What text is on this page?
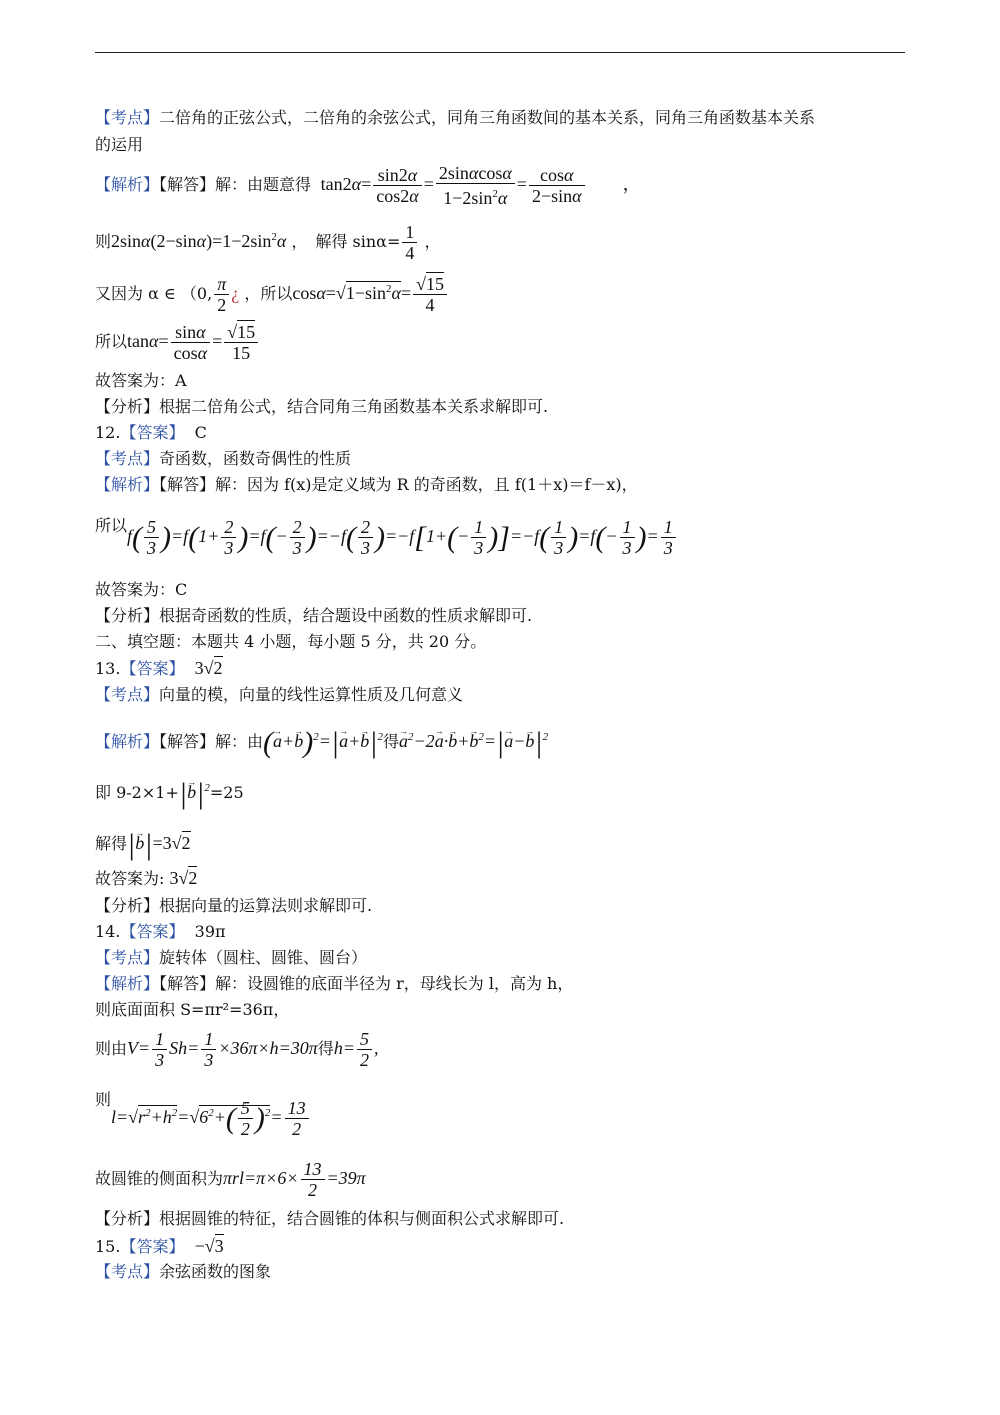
【考点】二倍角的正弦公式，二倍角的余弦公式，同角三角函数间的基本关系，同角三角函数基本关系
的运用
【解析】【解答】解：由题意得  $\tan 2\alpha= \frac{\sin 2\alpha}{\cos 2\alpha} = \frac{2\sin\alpha\cos\alpha}{1-2\sin^2\alpha} = \frac{\cos\alpha}{2-\sin\alpha}$ ，
则$2\sin\alpha(2-\sin\alpha)=1-2\sin^2\alpha$ ，　解得 $\sin\alpha= \frac{1}{4}$ ，
又因为 α ∈ （0, $\frac{\pi}{2}$ ¿ ，所以$\cos\alpha=√1-\sin^2\alpha= \frac{√15}{4}$
所以$\tan\alpha= \frac{\sin\alpha}{\cos\alpha} = \frac{√15}{15}$
故答案为：A
【分析】根据二倍角公式，结合同角三角函数基本关系求解即可.
12.【答案】 C
【考点】奇函数，函数奇偶性的性质
【解析】【解答】解：因为 f(x)是定义域为 R 的奇函数，且 f(1＋x)＝f－x)，
所以$f( \frac{5}{3} )=f(1+ \frac{2}{3} )=f(- \frac{2}{3} )=-f( \frac{2}{3} )=-f[1+(- \frac{1}{3} )]=-f( \frac{1}{3} )=f(- \frac{1}{3}$ )= $\frac{1}{3}$
故答案为：C
【分析】根据奇函数的性质，结合题设中函数的性质求解即可.
二、填空题：本题共 4 小题，每小题 5 分，共 20 分。
13.【答案】 3√2
【考点】向量的模，向量的线性运算性质及几何意义
【解析】【解答】解：由(→ $a+\to b)^2=|\to a+\to b|^2$得→ $a^2-2\to a\cdot\to b+\to b^2=|\to a-\to b|^2$
即 $9-2\times 1+|\to b|^2=25$
解得|→ b|=3√2
故答案为: 3√2
【分析】根据向量的运算法则求解即可.
14.【答案】 39π
【考点】旋转体（圆柱、圆锥、圆台）
【解析】【解答】解：设圆锥的底面半径为 r，母线长为 l，高为 h，
则底面面积 S=πr²=36π，
则由$V= \frac{1}{3} Sh= \frac{1}{3} \times 36\pi\times h=30\pi$得$h= \frac{5}{2}$ ,
则$l=√r^2+h^2=√6^2+( \frac{5}{2} )^2= \frac{13}{2}$
故圆锥的侧面积为$\pi rl=\pi\times 6\times \frac{13}{2} =39\pi$
【分析】根据圆锥的特征，结合圆锥的体积与侧面积公式求解即可.
15.【答案】 −√3
【考点】余弦函数的图象
